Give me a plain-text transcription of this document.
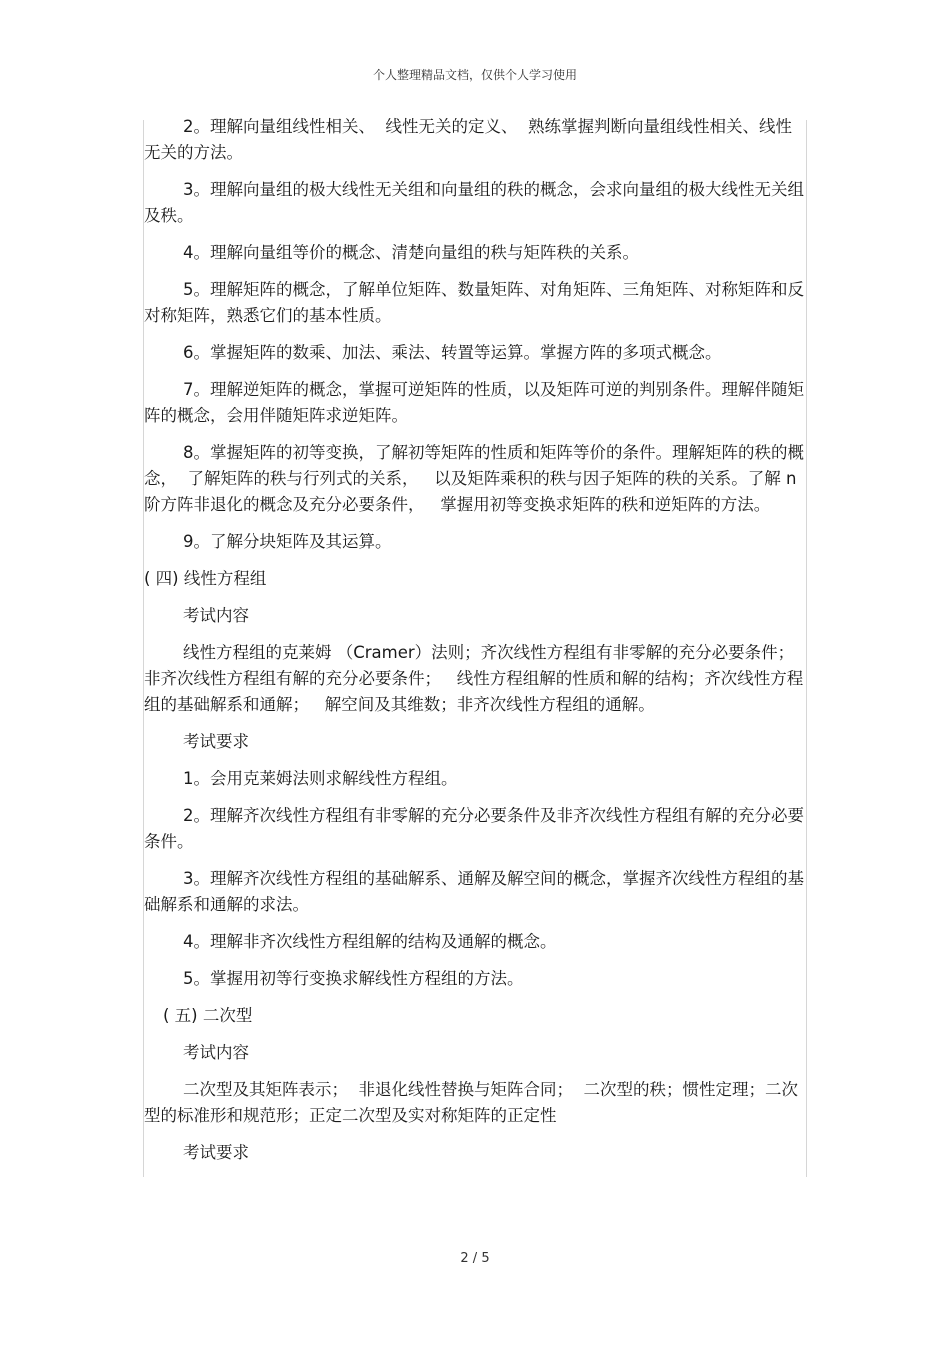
个人整理精品文档，仅供个人学习使用

2。理解向量组线性相关、  线性无关的定义、  熟练掌握判断向量组线性相关、线性无关的方法。

3。理解向量组的极大线性无关组和向量组的秩的概念，会求向量组的极大线性无关组及秩。

4。理解向量组等价的概念、清楚向量组的秩与矩阵秩的关系。

5。理解矩阵的概念，了解单位矩阵、数量矩阵、对角矩阵、三角矩阵、对称矩阵和反对称矩阵，熟悉它们的基本性质。

6。掌握矩阵的数乘、加法、乘法、转置等运算。掌握方阵的多项式概念。

7。理解逆矩阵的概念，掌握可逆矩阵的性质，以及矩阵可逆的判别条件。理解伴随矩阵的概念，会用伴随矩阵求逆矩阵。

8。掌握矩阵的初等变换，了解初等矩阵的性质和矩阵等价的条件。理解矩阵的秩的概念，  了解矩阵的秩与行列式的关系，   以及矩阵乘积的秩与因子矩阵的秩的关系。了解 n 阶方阵非退化的概念及充分必要条件，   掌握用初等变换求矩阵的秩和逆矩阵的方法。

9。了解分块矩阵及其运算。

( 四) 线性方程组

考试内容

线性方程组的克莱姆 （Cramer）法则；齐次线性方程组有非零解的充分必要条件；非齐次线性方程组有解的充分必要条件；   线性方程组解的性质和解的结构；齐次线性方程组的基础解系和通解；   解空间及其维数；非齐次线性方程组的通解。

考试要求

1。会用克莱姆法则求解线性方程组。

2。理解齐次线性方程组有非零解的充分必要条件及非齐次线性方程组有解的充分必要条件。

3。理解齐次线性方程组的基础解系、通解及解空间的概念，掌握齐次线性方程组的基础解系和通解的求法。

4。理解非齐次线性方程组解的结构及通解的概念。

5。掌握用初等行变换求解线性方程组的方法。

( 五) 二次型

考试内容

二次型及其矩阵表示；  非退化线性替换与矩阵合同；  二次型的秩；惯性定理；二次型的标准形和规范形；正定二次型及实对称矩阵的正定性

考试要求

2 / 5
